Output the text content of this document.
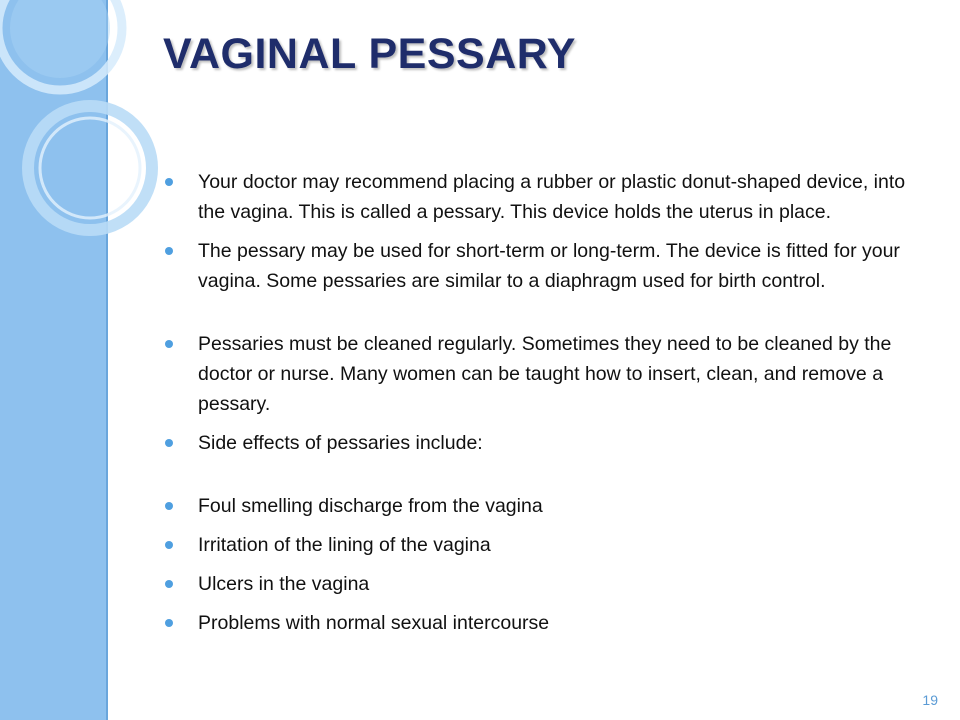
VAGINAL PESSARY
Your doctor may recommend placing a rubber or plastic donut-shaped device, into the vagina. This is called a pessary. This device holds the uterus in place.
The pessary may be used for short-term or long-term. The device is fitted for your vagina. Some pessaries are similar to a diaphragm used for birth control.
Pessaries must be cleaned regularly. Sometimes they need to be cleaned by the doctor or nurse. Many women can be taught how to insert, clean, and remove a pessary.
Side effects of pessaries include:
Foul smelling discharge from the vagina
Irritation of the lining of the vagina
Ulcers in the vagina
Problems with normal sexual intercourse
19
